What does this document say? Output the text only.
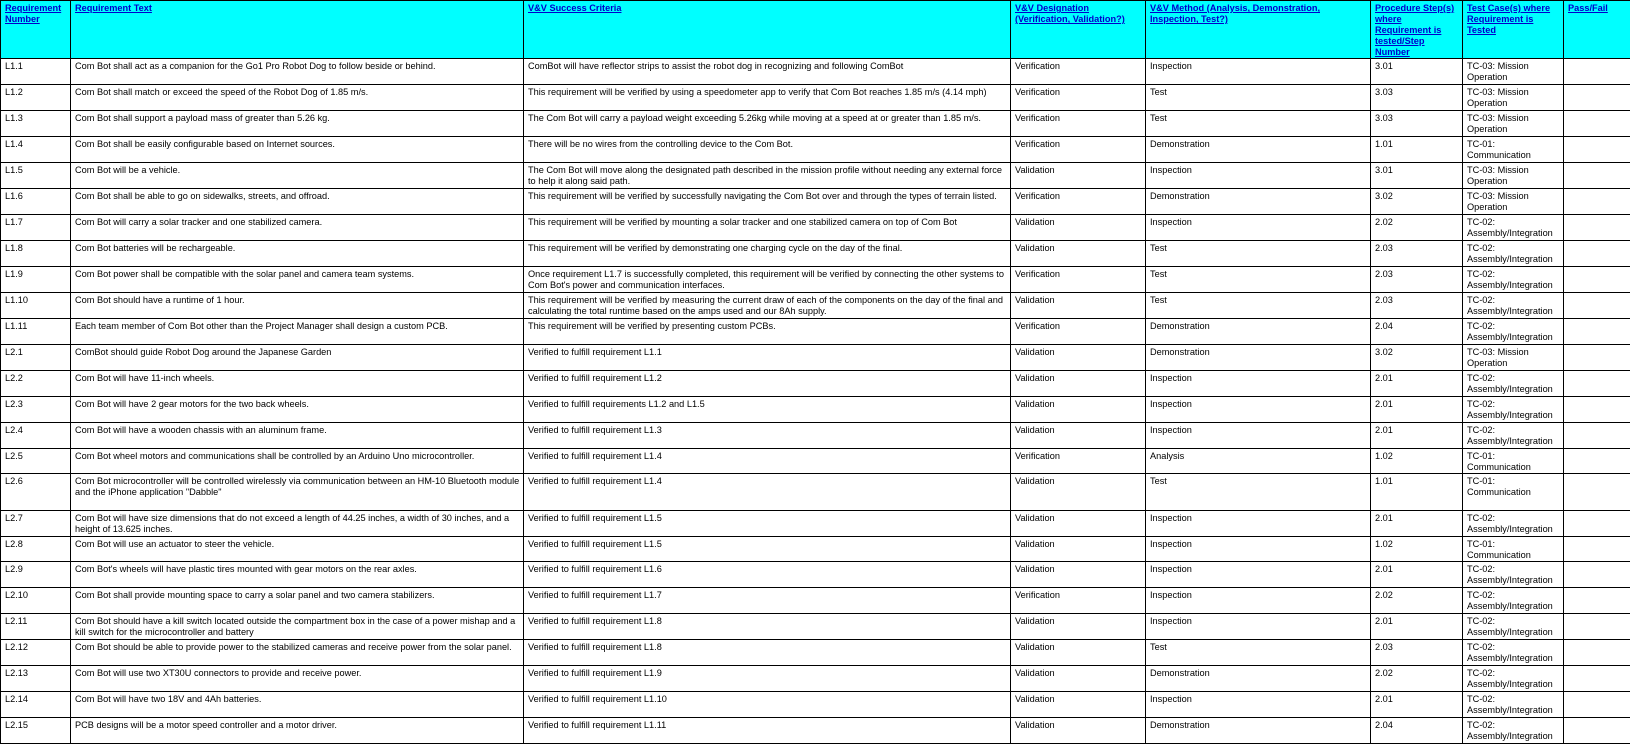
Requirement Number	Requirement Text	V&V Success Criteria	V&V Designation (Verification, Validation?)	V&V Method (Analysis, Demonstration, Inspection, Test?)	Procedure Step(s) where Requirement is tested/Step Number	Test Case(s) where Requirement is Tested	Pass/Fail
L1.1	Com Bot shall act as a companion for the Go1 Pro Robot Dog to follow beside or behind.	ComBot will have reflector strips to assist the robot dog in recognizing and following ComBot	Verification	Inspection	3.01	TC-03: Mission Operation	
L1.2	Com Bot shall match or exceed the speed of the Robot Dog of 1.85 m/s.	This requirement will be verified by using a speedometer app to verify that Com Bot reaches 1.85 m/s (4.14 mph)	Verification	Test	3.03	TC-03: Mission Operation	
L1.3	Com Bot shall support a payload mass of greater than 5.26 kg.	The Com Bot will carry a payload weight exceeding 5.26kg while moving at a speed at or greater than 1.85 m/s.	Verification	Test	3.03	TC-03: Mission Operation	
L1.4	Com Bot shall be easily configurable based on Internet sources.	There will be no wires from the controlling device to the Com Bot.	Verification	Demonstration	1.01	TC-01: Communication	
L1.5	Com Bot will be a vehicle.	The Com Bot will move along the designated path described in the mission profile without needing any external force to help it along said path.	Validation	Inspection	3.01	TC-03: Mission Operation	
L1.6	Com Bot shall be able to go on sidewalks, streets, and offroad.	This requirement will be verified by successfully navigating the Com Bot over and through the types of terrain listed.	Verification	Demonstration	3.02	TC-03: Mission Operation	
L1.7	Com Bot will carry a solar tracker and one stabilized camera.	This requirement will be verified by mounting a solar tracker and one stabilized camera on top of Com Bot	Validation	Inspection	2.02	TC-02: Assembly/Integration	
L1.8	Com Bot batteries will be rechargeable.	This requirement will be verified by demonstrating one charging cycle on the day of the final.	Validation	Test	2.03	TC-02: Assembly/Integration	
L1.9	Com Bot power shall be compatible with the solar panel and camera team systems.	Once requirement L1.7 is successfully completed, this requirement will be verified by connecting the other systems to Com Bot's power and communication interfaces.	Verification	Test	2.03	TC-02: Assembly/Integration	
L1.10	Com Bot should have a runtime of 1 hour.	This requirement will be verified by measuring the current draw of each of the components on the day of the final and calculating the total runtime based on the amps used and our 8Ah supply.	Validation	Test	2.03	TC-02: Assembly/Integration	
L1.11	Each team member of Com Bot other than the Project Manager shall design a custom PCB.	This requirement will be verified by presenting custom PCBs.	Verification	Demonstration	2.04	TC-02: Assembly/Integration	
L2.1	ComBot should guide Robot Dog around the Japanese Garden	Verified to fulfill requirement L1.1	Validation	Demonstration	3.02	TC-03: Mission Operation	
L2.2	Com Bot will have 11-inch wheels.	Verified to fulfill requirement L1.2	Validation	Inspection	2.01	TC-02: Assembly/Integration	
L2.3	Com Bot will have 2 gear motors for the two back wheels.	Verified to fulfill requirements L1.2 and L1.5	Validation	Inspection	2.01	TC-02: Assembly/Integration	
L2.4	Com Bot will have a wooden chassis with an aluminum frame.	Verified to fulfill requirement L1.3	Validation	Inspection	2.01	TC-02: Assembly/Integration	
L2.5	Com Bot wheel motors and communications shall be controlled by an Arduino Uno microcontroller.	Verified to fulfill requirement L1.4	Verification	Analysis	1.02	TC-01: Communication	
L2.6	Com Bot microcontroller will be controlled wirelessly via communication between an HM-10 Bluetooth module and the iPhone application "Dabble"	Verified to fulfill requirement L1.4	Validation	Test	1.01	TC-01: Communication	
L2.7	Com Bot will have size dimensions that do not exceed a length of 44.25 inches, a width of 30 inches, and a height of 13.625 inches.	Verified to fulfill requirement L1.5	Validation	Inspection	2.01	TC-02: Assembly/Integration	
L2.8	Com Bot will use an actuator to steer the vehicle.	Verified to fulfill requirement L1.5	Validation	Inspection	1.02	TC-01: Communication	
L2.9	Com Bot's wheels will have plastic tires mounted with gear motors on the rear axles.	Verified to fulfill requirement L1.6	Validation	Inspection	2.01	TC-02: Assembly/Integration	
L2.10	Com Bot shall provide mounting space to carry a solar panel and two camera stabilizers.	Verified to fulfill requirement L1.7	Verification	Inspection	2.02	TC-02: Assembly/Integration	
L2.11	Com Bot should have a kill switch located outside the compartment box in the case of a power mishap and a kill switch for the microcontroller and battery	Verified to fulfill requirement L1.8	Validation	Inspection	2.01	TC-02: Assembly/Integration	
L2.12	Com Bot should be able to provide power to the stabilized cameras and receive power from the solar panel.	Verified to fulfill requirement L1.8	Validation	Test	2.03	TC-02: Assembly/Integration	
L2.13	Com Bot will use two XT30U connectors to provide and receive power.	Verified to fulfill requirement L1.9	Validation	Demonstration	2.02	TC-02: Assembly/Integration	
L2.14	Com Bot will have two 18V and 4Ah batteries.	Verified to fulfill requirement L1.10	Validation	Inspection	2.01	TC-02: Assembly/Integration	
L2.15	PCB designs will be a motor speed controller and a motor driver.	Verified to fulfill requirement L1.11	Validation	Demonstration	2.04	TC-02: Assembly/Integration	
